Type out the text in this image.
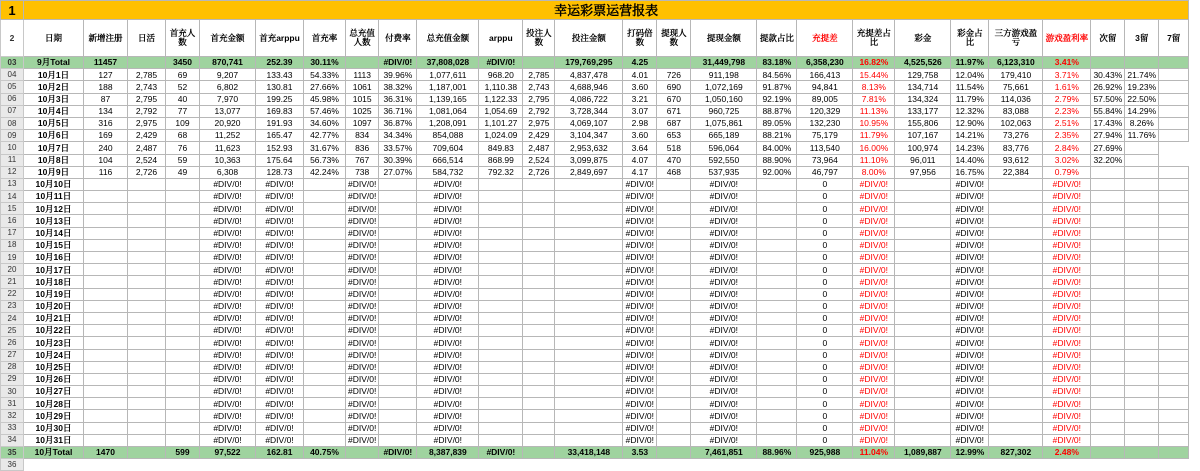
1	幸运彩票运营报表																									
2	日期	新增注册	日活	首充人数	首充金额	首充arppu	首充率	总充值人数	付费率	总充值金额	arppu	投注人数	投注金额	打码倍数	提现人数	提现金额	提款占比	充提差	充提差占比	彩金	彩金占比	三方游戏盈亏	游戏盈利率	次留	3留	7留
03	9月Total	11457		3450	870,741	252.39	30.11%		#DIV/0!	37,808,028	#DIV/0!		179,769,295	4.25		31,449,798	83.18%	6,358,230	16.82%	4,525,526	11.97%	6,123,310	3.41%			
04	10月1日	127	2,785	69	9,207	133.43	54.33%	1113	39.96%	1,077,611	968.20	2,785	4,837,478	4.01	726	911,198	84.56%	166,413	15.44%	129,758	12.04%	179,410	3.71%	30.43%	21.74%	
05	10月2日	188	2,743	52	6,802	130.81	27.66%	1061	38.32%	1,187,001	1,110.38	2,743	4,688,946	3.60	690	1,072,169	91.87%	94,841	8.13%	134,714	11.54%	75,661	1.61%	26.92%	19.23%	
06	10月3日	87	2,795	40	7,970	199.25	45.98%	1015	36.31%	1,139,165	1,122.33	2,795	4,086,722	3.21	670	1,050,160	92.19%	89,005	7.81%	134,324	11.79%	114,036	2.79%	57.50%	22.50%	
07	10月4日	134	2,792	77	13,077	169.83	57.46%	1025	36.71%	1,081,064	1,054.69	2,792	3,728,344	3.07	671	960,725	88.87%	120,329	11.13%	133,177	12.32%	83,088	2.23%	55.84%	14.29%	
08	10月5日	316	2,975	109	20,920	191.93	34.60%	1097	36.87%	1,208,091	1,101.27	2,975	4,069,107	2.98	687	1,075,861	89.05%	132,230	10.95%	155,806	12.90%	102,063	2.51%	17.43%	8.26%	
09	10月6日	169	2,429	68	11,252	165.47	42.77%	834	34.34%	854,088	1,024.09	2,429	3,104,347	3.60	653	665,189	88.21%	75,179	11.79%	107,167	14.21%	73,276	2.35%	27.94%	11.76%	
10	10月7日	240	2,487	76	11,623	152.93	31.67%	836	33.57%	709,604	849.83	2,487	2,953,632	3.64	518	596,064	84.00%	113,540	16.00%	100,974	14.23%	83,776	2.84%	27.69%		
11	10月8日	104	2,524	59	10,363	175.64	56.73%	767	30.39%	666,514	868.99	2,524	3,099,875	4.07	470	592,550	88.90%	73,964	11.10%	96,011	14.40%	93,612	3.02%	32.20%		
12	10月9日	116	2,726	49	6,308	128.73	42.24%	738	27.07%	584,732	792.32	2,726	2,849,697	4.17	468	537,935	92.00%	46,797	8.00%	97,956	16.75%	22,384	0.79%			
13	10月10日				#DIV/0!	#DIV/0!		#DIV/0!		#DIV/0!				#DIV/0!		#DIV/0!		0	#DIV/0!		#DIV/0!		#DIV/0!			
14	10月11日				#DIV/0!	#DIV/0!		#DIV/0!		#DIV/0!				#DIV/0!		#DIV/0!		0	#DIV/0!		#DIV/0!		#DIV/0!			
15	10月12日				#DIV/0!	#DIV/0!		#DIV/0!		#DIV/0!				#DIV/0!		#DIV/0!		0	#DIV/0!		#DIV/0!		#DIV/0!			
16	10月13日				#DIV/0!	#DIV/0!		#DIV/0!		#DIV/0!				#DIV/0!		#DIV/0!		0	#DIV/0!		#DIV/0!		#DIV/0!			
17	10月14日				#DIV/0!	#DIV/0!		#DIV/0!		#DIV/0!				#DIV/0!		#DIV/0!		0	#DIV/0!		#DIV/0!		#DIV/0!			
18	10月15日				#DIV/0!	#DIV/0!		#DIV/0!		#DIV/0!				#DIV/0!		#DIV/0!		0	#DIV/0!		#DIV/0!		#DIV/0!			
19	10月16日				#DIV/0!	#DIV/0!		#DIV/0!		#DIV/0!				#DIV/0!		#DIV/0!		0	#DIV/0!		#DIV/0!		#DIV/0!			
20	10月17日				#DIV/0!	#DIV/0!		#DIV/0!		#DIV/0!				#DIV/0!		#DIV/0!		0	#DIV/0!		#DIV/0!		#DIV/0!			
21	10月18日				#DIV/0!	#DIV/0!		#DIV/0!		#DIV/0!				#DIV/0!		#DIV/0!		0	#DIV/0!		#DIV/0!		#DIV/0!			
22	10月19日				#DIV/0!	#DIV/0!		#DIV/0!		#DIV/0!				#DIV/0!		#DIV/0!		0	#DIV/0!		#DIV/0!		#DIV/0!			
23	10月20日				#DIV/0!	#DIV/0!		#DIV/0!		#DIV/0!				#DIV/0!		#DIV/0!		0	#DIV/0!		#DIV/0!		#DIV/0!			
24	10月21日				#DIV/0!	#DIV/0!		#DIV/0!		#DIV/0!				#DIV/0!		#DIV/0!		0	#DIV/0!		#DIV/0!		#DIV/0!			
25	10月22日				#DIV/0!	#DIV/0!		#DIV/0!		#DIV/0!				#DIV/0!		#DIV/0!		0	#DIV/0!		#DIV/0!		#DIV/0!			
26	10月23日				#DIV/0!	#DIV/0!		#DIV/0!		#DIV/0!				#DIV/0!		#DIV/0!		0	#DIV/0!		#DIV/0!		#DIV/0!			
27	10月24日				#DIV/0!	#DIV/0!		#DIV/0!		#DIV/0!				#DIV/0!		#DIV/0!		0	#DIV/0!		#DIV/0!		#DIV/0!			
28	10月25日				#DIV/0!	#DIV/0!		#DIV/0!		#DIV/0!				#DIV/0!		#DIV/0!		0	#DIV/0!		#DIV/0!		#DIV/0!			
29	10月26日				#DIV/0!	#DIV/0!		#DIV/0!		#DIV/0!				#DIV/0!		#DIV/0!		0	#DIV/0!		#DIV/0!		#DIV/0!			
30	10月27日				#DIV/0!	#DIV/0!		#DIV/0!		#DIV/0!				#DIV/0!		#DIV/0!		0	#DIV/0!		#DIV/0!		#DIV/0!			
31	10月28日				#DIV/0!	#DIV/0!		#DIV/0!		#DIV/0!				#DIV/0!		#DIV/0!		0	#DIV/0!		#DIV/0!		#DIV/0!			
32	10月29日				#DIV/0!	#DIV/0!		#DIV/0!		#DIV/0!				#DIV/0!		#DIV/0!		0	#DIV/0!		#DIV/0!		#DIV/0!			
33	10月30日				#DIV/0!	#DIV/0!		#DIV/0!		#DIV/0!				#DIV/0!		#DIV/0!		0	#DIV/0!		#DIV/0!		#DIV/0!			
34	10月31日				#DIV/0!	#DIV/0!		#DIV/0!		#DIV/0!				#DIV/0!		#DIV/0!		0	#DIV/0!		#DIV/0!		#DIV/0!			
35	10月Total	1470		599	97,522	162.81	40.75%		#DIV/0!	8,387,839	#DIV/0!		33,418,148	3.53		7,461,851	88.96%	925,988	11.04%	1,089,887	12.99%	827,302	2.48%			
36																										
